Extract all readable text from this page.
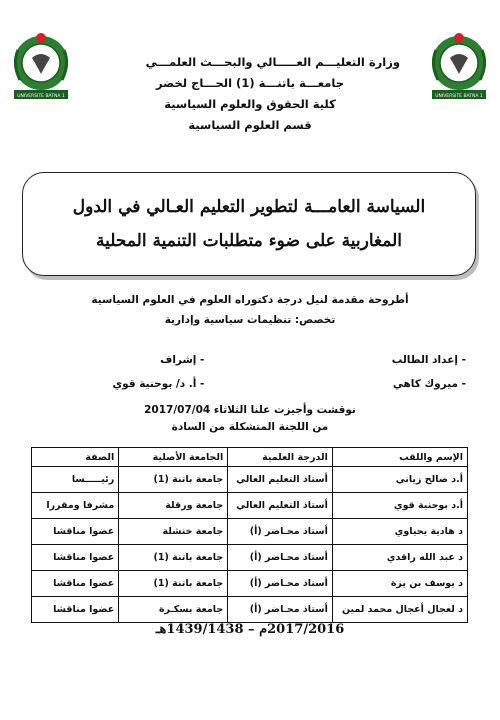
UNIVERSITE BATNA 1	UNIVERSITE BATNA 1
وزارة التعليـــم العـــــالي والبحـــث العلمـــي
جامعـــة باتنـــة (1) الحـــاج لخضر
كلية الحقوق والعلوم السياسية
قسم العلوم السياسية
السياسة العامـــة لتطوير التعليم العـالي في الدول
المغاربية على ضوء متطلبات التنمية المحلية
أطروحة مقدمة لنيل درجة دكتوراه العلوم في العلوم السياسية
تخصص: تنظيمات سياسية وإدارية
- إعداد الطالب
- إشراف
- ميروك كاهي
- أ. د/ بوحنية قوي
نوقشت وأجيزت علنا الثلاثاء 2017/07/04
من اللجنة المتشكلة من السادة
الإسم واللقب	الدرجة العلمية	الجامعة الأصلية	الصفة
أ.د صالح زياني	أستاذ التعليم العالي	جامعة باتنة (1)	رئيـــــسا
أ.د بوحنية قوي	أستاذ التعليم العالي	جامعة ورقلة	مشرفا ومقررا
د هادية يحياوي	أستاذ محـاضر (أ)	جامعة خنشلة	عضوا مناقشا
د عبد الله راقدي	أستاذ محـاضر (أ)	جامعة باتنة (1)	عضوا مناقشا
د يوسف بن يزة	أستاذ محـاضر (أ)	جامعة باتنة (1)	عضوا مناقشا
د لعجال أعجال محمد لمين	أستاذ محـاضر (أ)	جامعة بسكـرة	عضوا مناقشا
2017/2016م – 1439/1438هـ
